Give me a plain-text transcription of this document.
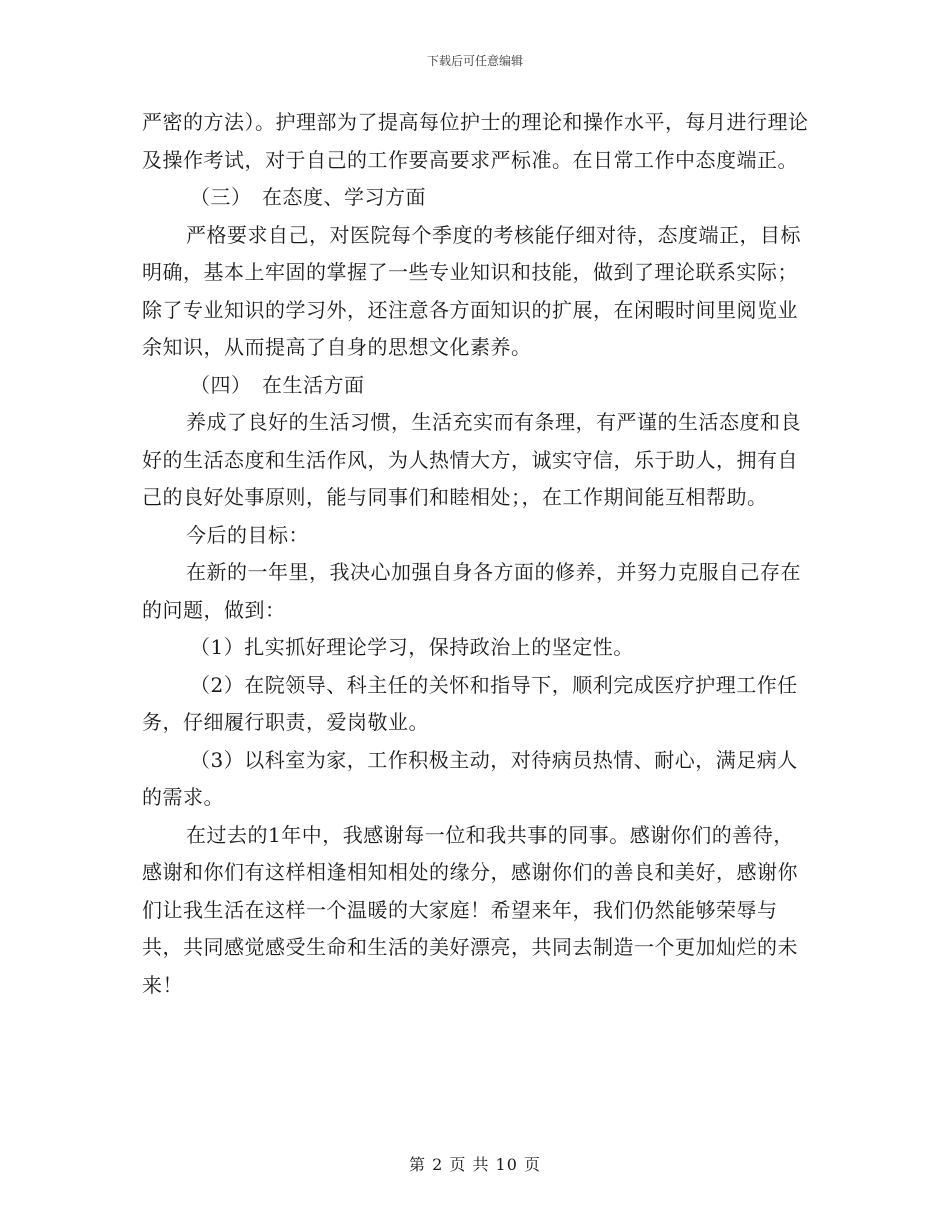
下载后可任意编辑

严密的方法）。护理部为了提高每位护士的理论和操作水平，每月进行理论及操作考试，对于自己的工作要高要求严标准。在日常工作中态度端正。

（三）　在态度、学习方面

严格要求自己，对医院每个季度的考核能仔细对待，态度端正，目标明确，基本上牢固的掌握了一些专业知识和技能，做到了理论联系实际；除了专业知识的学习外，还注意各方面知识的扩展，在闲暇时间里阅览业余知识，从而提高了自身的思想文化素养。

（四）　在生活方面

养成了良好的生活习惯，生活充实而有条理，有严谨的生活态度和良好的生活态度和生活作风，为人热情大方，诚实守信，乐于助人，拥有自己的良好处事原则，能与同事们和睦相处；，在工作期间能互相帮助。

今后的目标：

在新的一年里，我决心加强自身各方面的修养，并努力克服自己存在的问题，做到：

（1）扎实抓好理论学习，保持政治上的坚定性。

（2）在院领导、科主任的关怀和指导下，顺利完成医疗护理工作任务，仔细履行职责，爱岗敬业。

（3）以科室为家，工作积极主动，对待病员热情、耐心，满足病人的需求。

在过去的1年中，我感谢每一位和我共事的同事。感谢你们的善待，感谢和你们有这样相逢相知相处的缘分，感谢你们的善良和美好，感谢你们让我生活在这样一个温暖的大家庭！希望来年，我们仍然能够荣辱与共，共同感觉感受生命和生活的美好漂亮，共同去制造一个更加灿烂的未来！

第 2 页 共 10 页
